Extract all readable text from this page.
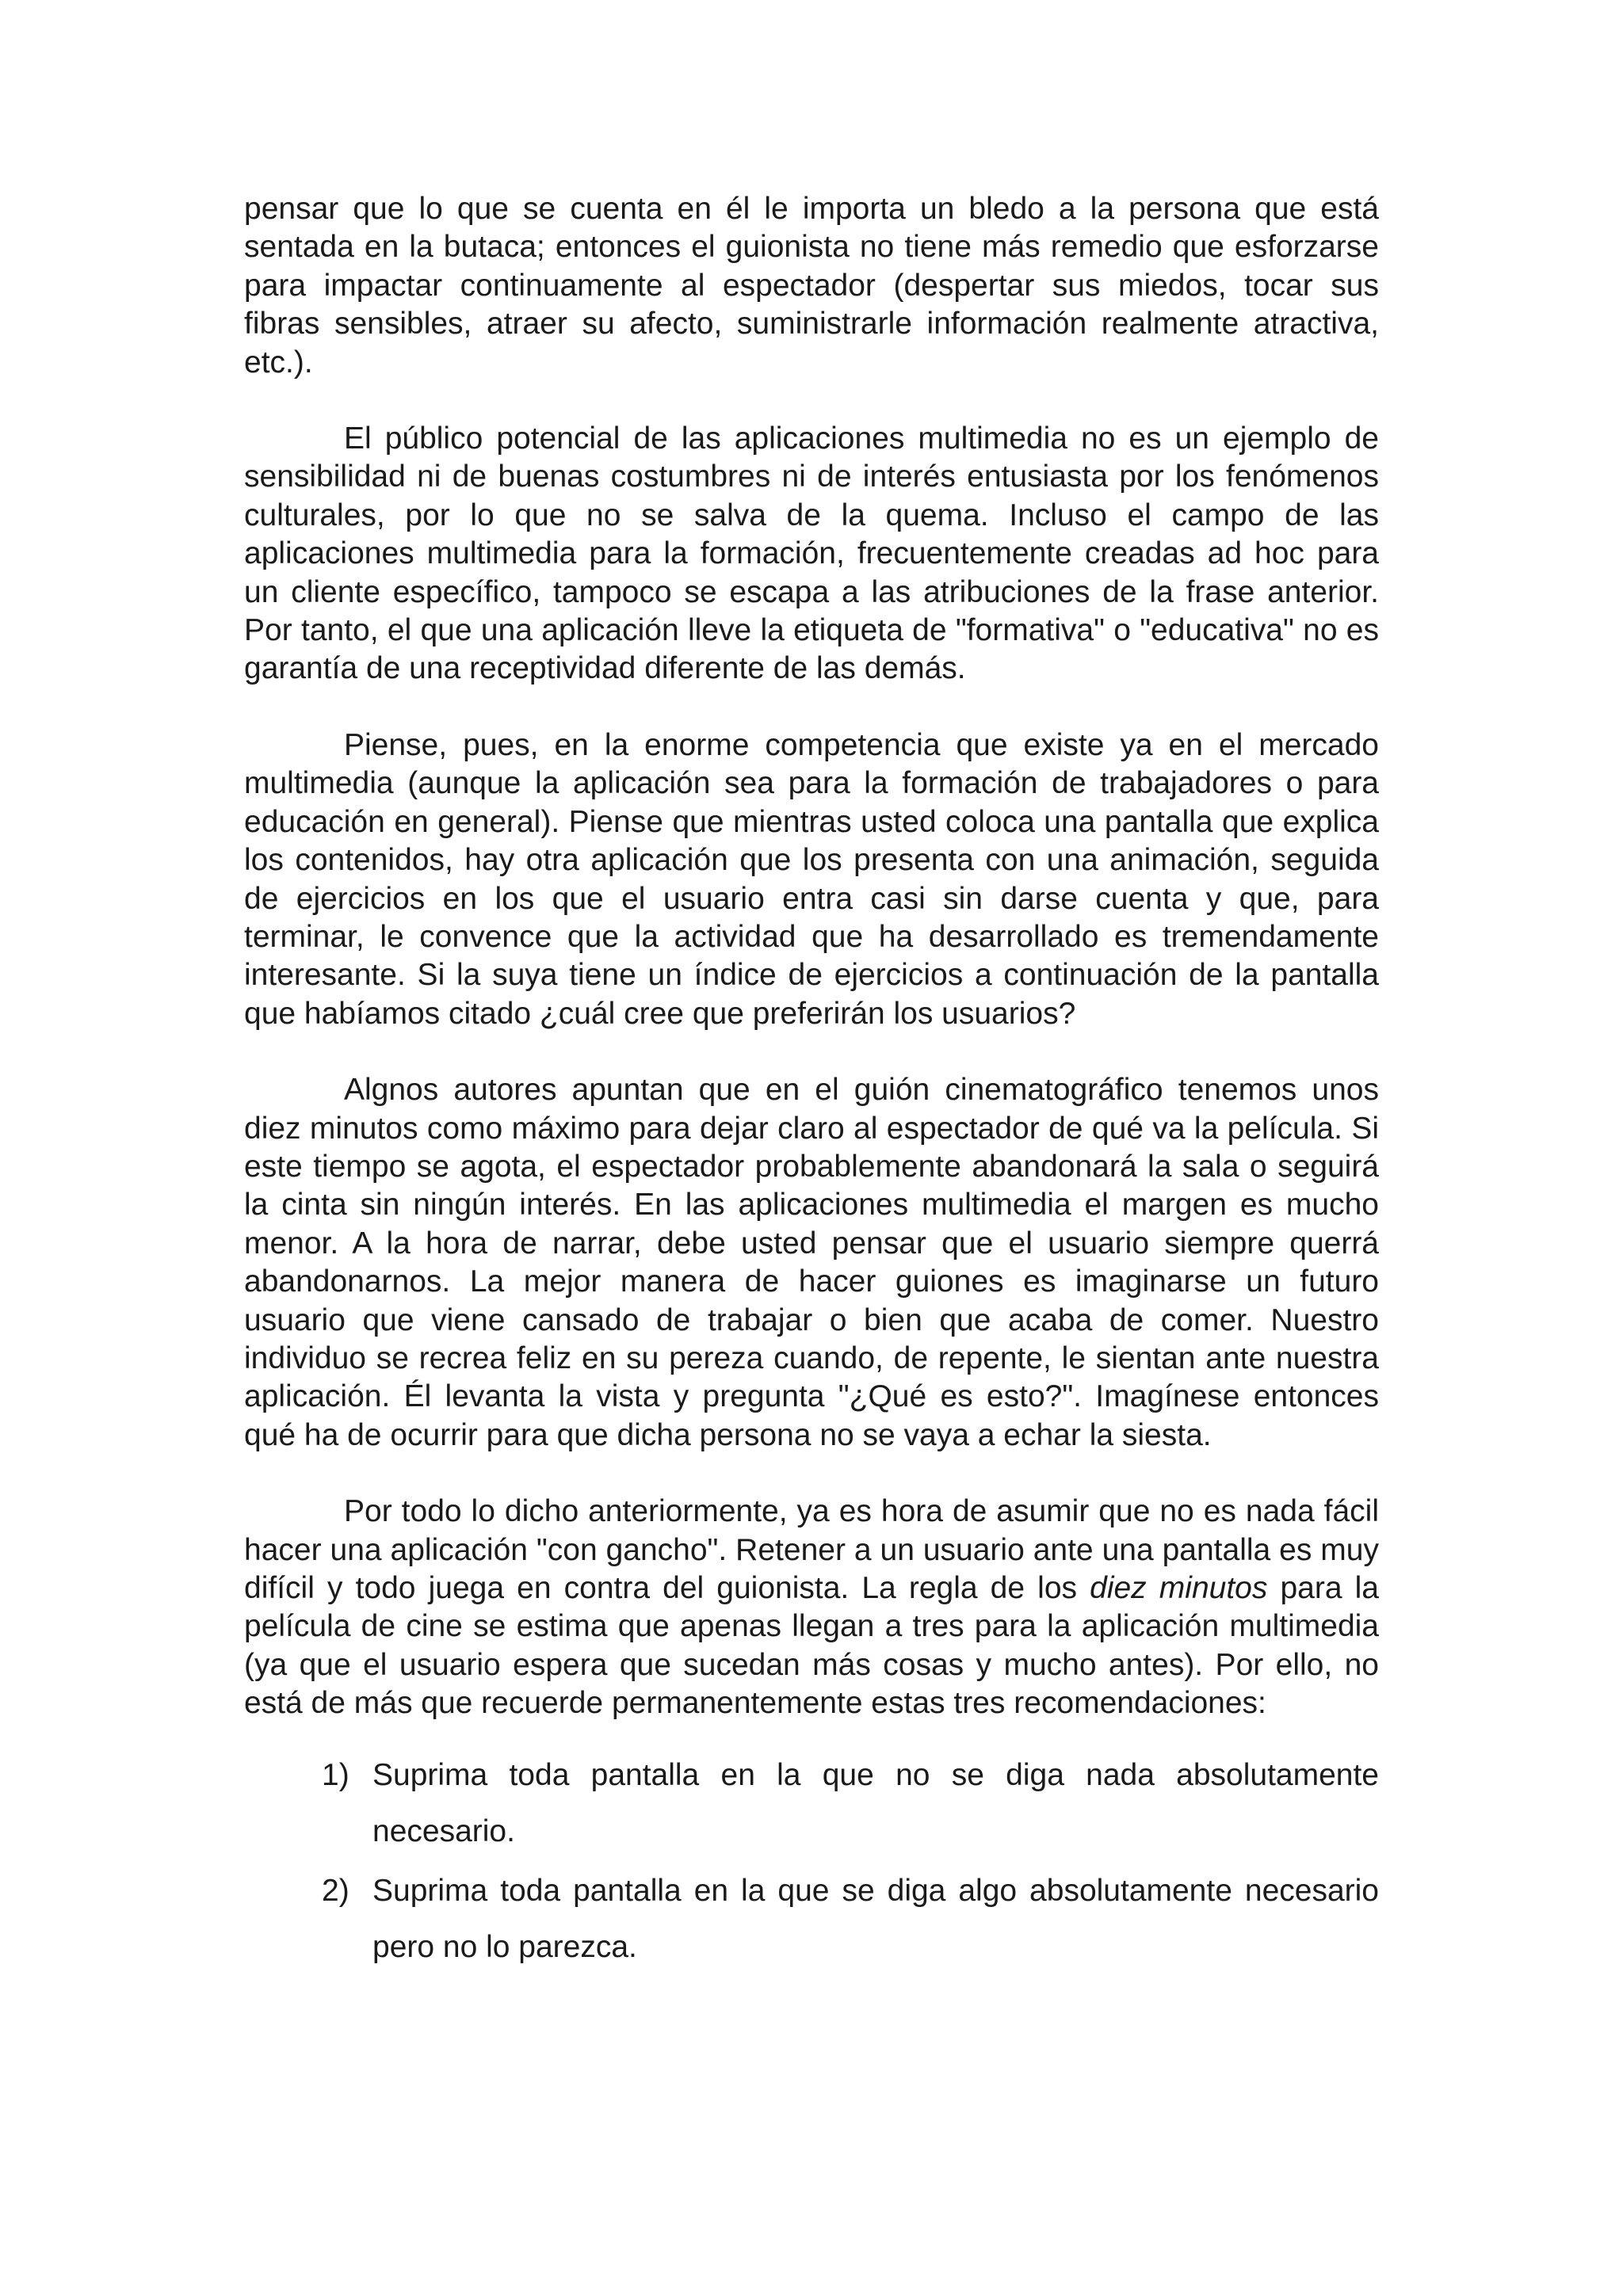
pensar que lo que se cuenta en él le importa un bledo a la persona que está sentada en la butaca; entonces el guionista no tiene más remedio que esforzarse para impactar continuamente al espectador (despertar sus miedos, tocar sus fibras sensibles, atraer su afecto, suministrarle información realmente atractiva, etc.).

El público potencial de las aplicaciones multimedia no es un ejemplo de sensibilidad ni de buenas costumbres ni de interés entusiasta por los fenómenos culturales, por lo que no se salva de la quema. Incluso el campo de las aplicaciones multimedia para la formación, frecuentemente creadas ad hoc para un cliente específico, tampoco se escapa a las atribuciones de la frase anterior. Por tanto, el que una aplicación lleve la etiqueta de "formativa" o "educativa" no es garantía de una receptividad diferente de las demás.

Piense, pues, en la enorme competencia que existe ya en el mercado multimedia (aunque la aplicación sea para la formación de trabajadores o para educación en general). Piense que mientras usted coloca una pantalla que explica los contenidos, hay otra aplicación que los presenta con una animación, seguida de ejercicios en los que el usuario entra casi sin darse cuenta y que, para terminar, le convence que la actividad que ha desarrollado es tremendamente interesante. Si la suya tiene un índice de ejercicios a continuación de la pantalla que habíamos citado ¿cuál cree que preferirán los usuarios?

Algnos autores apuntan que en el guión cinematográfico tenemos unos diez minutos como máximo para dejar claro al espectador de qué va la película. Si este tiempo se agota, el espectador probablemente abandonará la sala o seguirá la cinta sin ningún interés. En las aplicaciones multimedia el margen es mucho menor. A la hora de narrar, debe usted pensar que el usuario siempre querrá abandonarnos. La mejor manera de hacer guiones es imaginarse un futuro usuario que viene cansado de trabajar o bien que acaba de comer. Nuestro individuo se recrea feliz en su pereza cuando, de repente, le sientan ante nuestra aplicación. Él levanta la vista y pregunta "¿Qué es esto?". Imagínese entonces qué ha de ocurrir para que dicha persona no se vaya a echar la siesta.

Por todo lo dicho anteriormente, ya es hora de asumir que no es nada fácil hacer una aplicación "con gancho". Retener a un usuario ante una pantalla es muy difícil y todo juega en contra del guionista. La regla de los diez minutos para la película de cine se estima que apenas llegan a tres para la aplicación multimedia (ya que el usuario espera que sucedan más cosas y mucho antes). Por ello, no está de más que recuerde permanentemente estas tres recomendaciones:

1) Suprima toda pantalla en la que no se diga nada absolutamente necesario.
2) Suprima toda pantalla en la que se diga algo absolutamente necesario pero no lo parezca.
